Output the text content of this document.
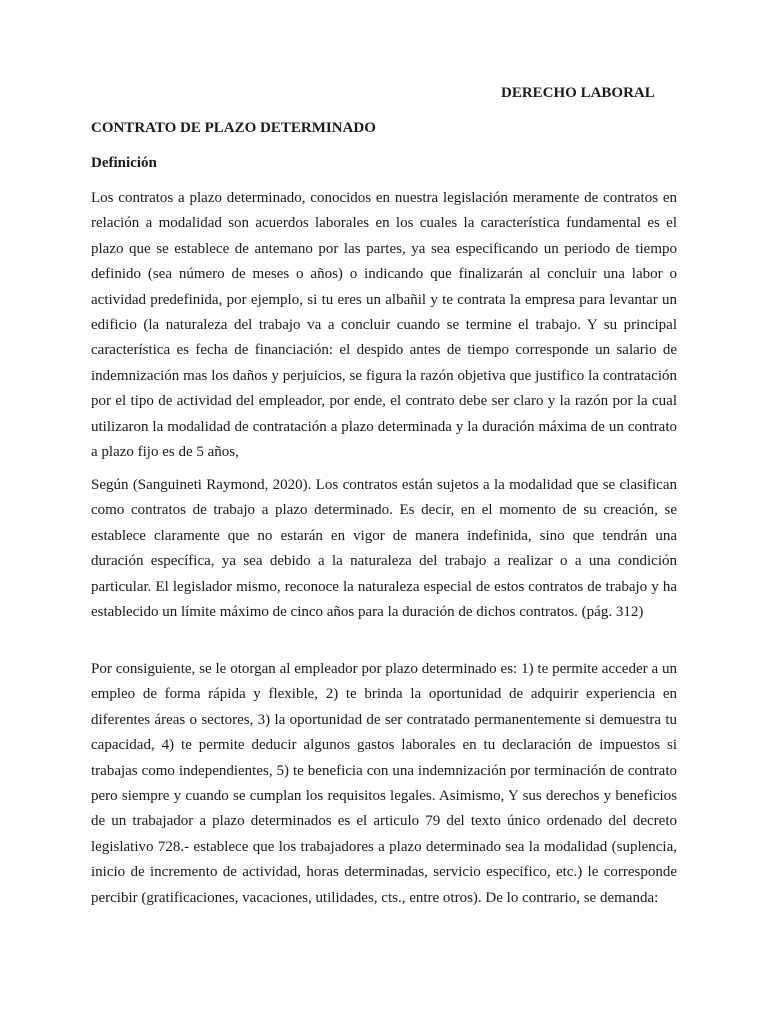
DERECHO LABORAL
CONTRATO DE PLAZO DETERMINADO
Definición

Los contratos a plazo determinado, conocidos en nuestra legislación meramente de contratos en relación a modalidad son acuerdos laborales en los cuales la característica fundamental es el plazo que se establece de antemano por las partes, ya sea especificando un periodo de tiempo definido (sea número de meses o años) o indicando que finalizarán al concluir una labor o actividad predefinida, por ejemplo, si tu eres un albañil y te contrata la empresa para levantar un edificio (la naturaleza del trabajo va a concluir cuando se termine el trabajo. Y su principal característica es fecha de financiación: el despido antes de tiempo corresponde un salario de indemnización mas los daños y perjuicios, se figura la razón objetiva que justifico la contratación por el tipo de actividad del empleador, por ende, el contrato debe ser claro y la razón por la cual utilizaron la modalidad de contratación a plazo determinada y la duración máxima de un contrato a plazo fijo es de 5 años,

Según (Sanguineti Raymond, 2020). Los contratos están sujetos a la modalidad que se clasifican como contratos de trabajo a plazo determinado. Es decir, en el momento de su creación, se establece claramente que no estarán en vigor de manera indefinida, sino que tendrán una duración específica, ya sea debido a la naturaleza del trabajo a realizar o a una condición particular. El legislador mismo, reconoce la naturaleza especial de estos contratos de trabajo y ha establecido un límite máximo de cinco años para la duración de dichos contratos. (pág. 312)

Por consiguiente, se le otorgan al empleador por plazo determinado es: 1) te permite acceder a un empleo de forma rápida y flexible, 2) te brinda la oportunidad de adquirir experiencia en diferentes áreas o sectores, 3) la oportunidad de ser contratado permanentemente si demuestra tu capacidad, 4) te permite deducir algunos gastos laborales en tu declaración de impuestos si trabajas como independientes, 5) te beneficia con una indemnización por terminación de contrato pero siempre y cuando se cumplan los requisitos legales. Asimismo, Y sus derechos y beneficios de un trabajador a plazo determinados es el articulo 79 del texto único ordenado del decreto legislativo 728.- establece que los trabajadores a plazo determinado sea la modalidad (suplencia, inicio de incremento de actividad, horas determinadas, servicio especifico, etc.) le corresponde percibir (gratificaciones, vacaciones, utilidades, cts., entre otros). De lo contrario, se demanda:
